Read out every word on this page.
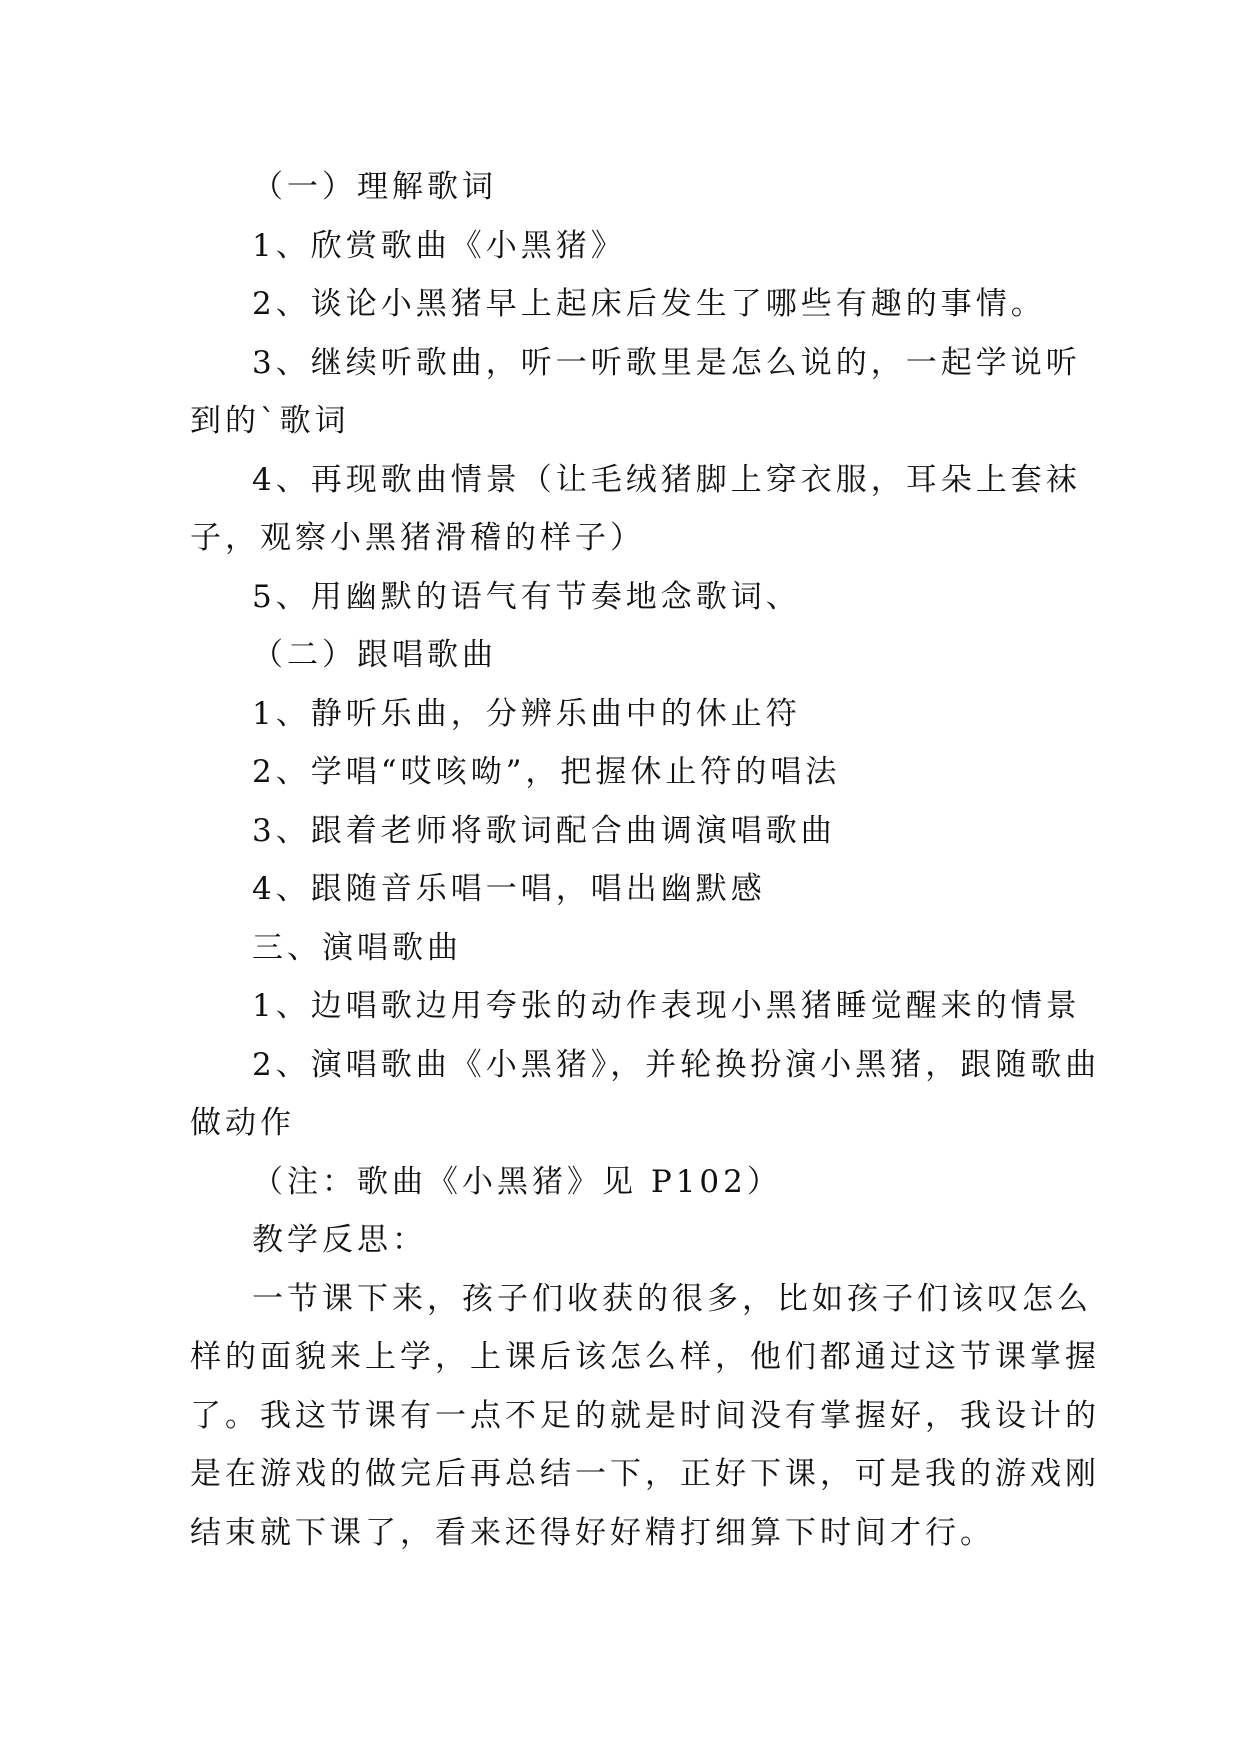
（一）理解歌词

1、欣赏歌曲《小黑猪》

2、谈论小黑猪早上起床后发生了哪些有趣的事情。

3、继续听歌曲，听一听歌里是怎么说的，一起学说听

到的`歌词

4、再现歌曲情景（让毛绒猪脚上穿衣服，耳朵上套袜

子，观察小黑猪滑稽的样子）

5、用幽默的语气有节奏地念歌词、

（二）跟唱歌曲

1、静听乐曲，分辨乐曲中的休止符

2、学唱“哎咳呦”，把握休止符的唱法

3、跟着老师将歌词配合曲调演唱歌曲

4、跟随音乐唱一唱，唱出幽默感

三、演唱歌曲

1、边唱歌边用夸张的动作表现小黑猪睡觉醒来的情景

2、演唱歌曲《小黑猪》，并轮换扮演小黑猪，跟随歌曲

做动作

（注：歌曲《小黑猪》见 P102）

教学反思：

一节课下来，孩子们收获的很多，比如孩子们该叹怎么

样的面貌来上学，上课后该怎么样，他们都通过这节课掌握

了。我这节课有一点不足的就是时间没有掌握好，我设计的

是在游戏的做完后再总结一下，正好下课，可是我的游戏刚

结束就下课了，看来还得好好精打细算下时间才行。
